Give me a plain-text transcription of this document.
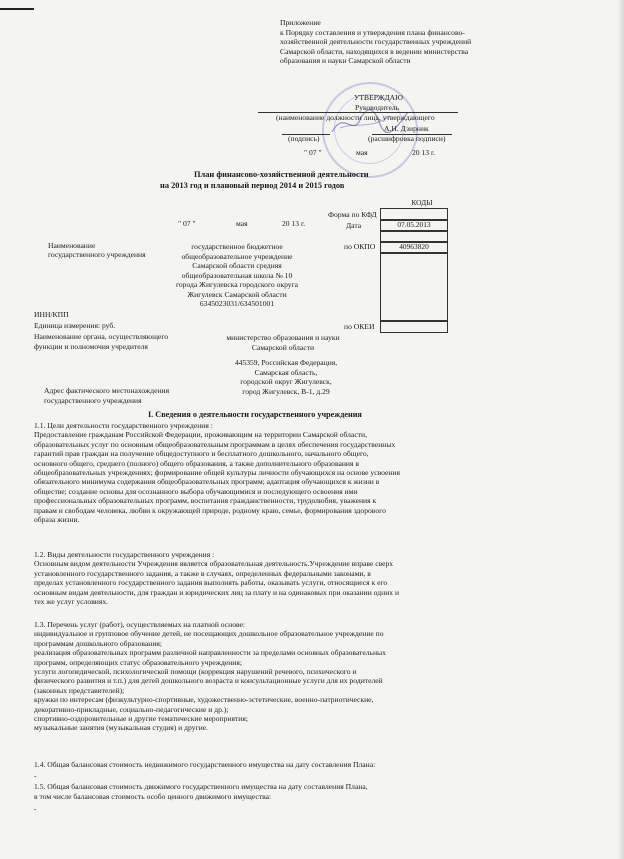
Приложение
к Порядку составления и утверждения плана финансово-хозяйственной деятельности государственных учреждений Самарской области, находящихся в ведении министерства образования и науки Самарской области
УТВЕРЖДАЮ
Руководитель
(наименование должности лица, утверждающего
А.Н. Дзирник
(подпись)	(расшифровка подписи)
" 07 "	мая	20 13 г.
План финансово-хозяйственной деятельности
на 2013 год и плановый период 2014 и 2015 годов
КОДЫ
Форма по КФД
Дата	07.05.2013
" 07 "	мая	20 13 г.
Наименование
государственного учреждения
по ОКПО	40963820
государственное бюджетное
общеобразовательное учреждение
Самарской области средняя
общеобразовательная школа № 10
города Жигулевска городского округа
Жигулевск Самарской области
6345023031/634501001
ИНН/КПП
Единица измерения: руб.	по ОКЕИ
Наименование органа, осуществляющего
функции и полномочия учредителя
министерство образования и науки
Самарской области
445359, Российская Федерация,
Самарская область,
городской округ Жигулевск,
город Жигулевск, В-1, д.29
Адрес фактического местонахождения
государственного учреждения
I. Сведения о деятельности государственного учреждения

1.1. Цели деятельности государственного учреждения :

Предоставление гражданам Российской Федерации, проживающим на территории Самарской области,

образовательных услуг по основным общеобразовательным программам в целях обеспечения государственных

гарантий прав граждан на получение общедоступного и бесплатного дошкольного, начального общего,

основного общего, среднего (полного) общего образования, а также дополнительного образования в

общеобразовательных учреждениях; формирование общей культуры личности обучающихся на основе усвоения

обязательного минимума содержания общеобразовательных программ; адаптация обучающихся к жизни в

обществе; создание основы для осознанного выбора обучающимися и последующего освоения ими

профессиональных образовательных программ, воспитания гражданственности, трудолюбия, уважения к

правам и свободам человека, любви к окружающей природе, родному краю, семье, формирования здорового

образа жизни.

1.2. Виды деятельности государственного учреждения :

Основным видом деятельности Учреждения является образовательная деятельность.Учреждение вправе сверх

установленного государственного задания, а также в случаях, определенных федеральными законами, в

пределах установленного государственного задания выполнять работы, оказывать услуги, относящиеся к его

основным видам деятельности, для граждан и юридических лиц за плату и на одинаковых при оказании одних и

тех же услуг условиях.

1.3. Перечень услуг (работ), осуществляемых на платной основе:

индивидуальное и групповое обучение детей, не посещающих дошкольное образовательное учреждение по

программам дошкольного образования;

реализация образовательных программ различной направленности за пределами основных образовательных

программ, определяющих статус образовательного учреждения;

услуги логопедической, психологической помощи (коррекция нарушений речевого, психического и

физического развития и т.п.) для детей дошкольного возраста и консультационные услуги для их родителей

(законных представителей);

кружки по интересам (физкультурно-спортивные, художественно-эстетические, военно-патриотические,

декоративно-прикладные, социально-педагогические и др.);

спортивно-оздоровительные и другие тематические мероприятия;

музыкальные занятия (музыкальная студия) и другие.

1.4. Общая балансовая стоимость недвижимого государственного имущества на дату составления Плана:
-
1.5. Общая балансовая стоимость движимого государственного имущества на дату составления Плана,
в том числе балансовая стоимость особо ценного движимого имущества:
-
